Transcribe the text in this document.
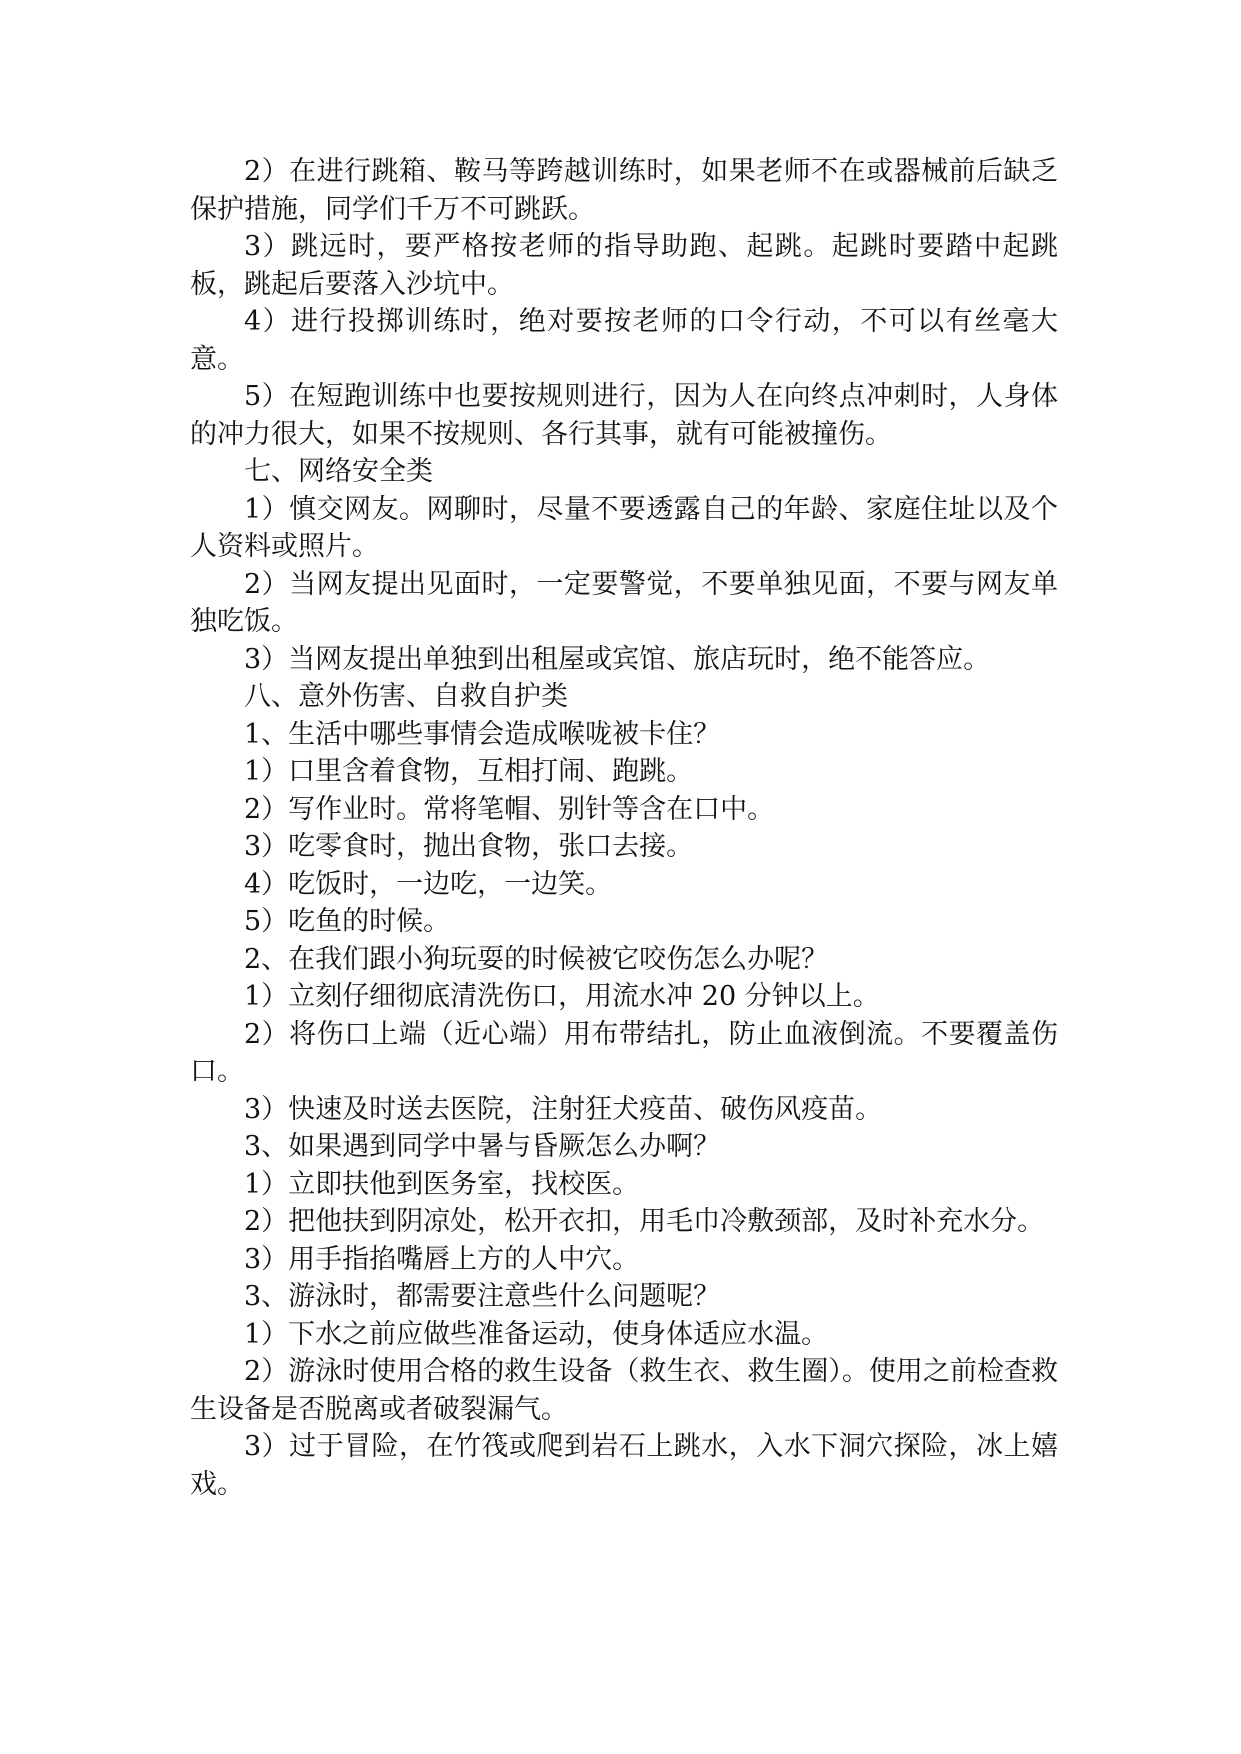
2）在进行跳箱、鞍马等跨越训练时，如果老师不在或器械前后缺乏保护措施，同学们千万不可跳跃。

3）跳远时，要严格按老师的指导助跑、起跳。起跳时要踏中起跳板，跳起后要落入沙坑中。

4）进行投掷训练时，绝对要按老师的口令行动，不可以有丝毫大意。

5）在短跑训练中也要按规则进行，因为人在向终点冲刺时，人身体的冲力很大，如果不按规则、各行其事，就有可能被撞伤。

七、网络安全类

1）慎交网友。网聊时，尽量不要透露自己的年龄、家庭住址以及个人资料或照片。

2）当网友提出见面时，一定要警觉，不要单独见面，不要与网友单独吃饭。

3）当网友提出单独到出租屋或宾馆、旅店玩时，绝不能答应。

八、意外伤害、自救自护类

1、生活中哪些事情会造成喉咙被卡住？

1）口里含着食物，互相打闹、跑跳。

2）写作业时。常将笔帽、别针等含在口中。

3）吃零食时，抛出食物，张口去接。

4）吃饭时，一边吃，一边笑。

5）吃鱼的时候。

2、在我们跟小狗玩耍的时候被它咬伤怎么办呢？

1）立刻仔细彻底清洗伤口，用流水冲 20 分钟以上。

2）将伤口上端（近心端）用布带结扎，防止血液倒流。不要覆盖伤口。

3）快速及时送去医院，注射狂犬疫苗、破伤风疫苗。

3、如果遇到同学中暑与昏厥怎么办啊？

1）立即扶他到医务室，找校医。

2）把他扶到阴凉处，松开衣扣，用毛巾冷敷颈部，及时补充水分。

3）用手指掐嘴唇上方的人中穴。

3、游泳时，都需要注意些什么问题呢？

1）下水之前应做些准备运动，使身体适应水温。

2）游泳时使用合格的救生设备（救生衣、救生圈）。使用之前检查救生设备是否脱离或者破裂漏气。

3）过于冒险，在竹筏或爬到岩石上跳水，入水下洞穴探险，冰上嬉戏。
